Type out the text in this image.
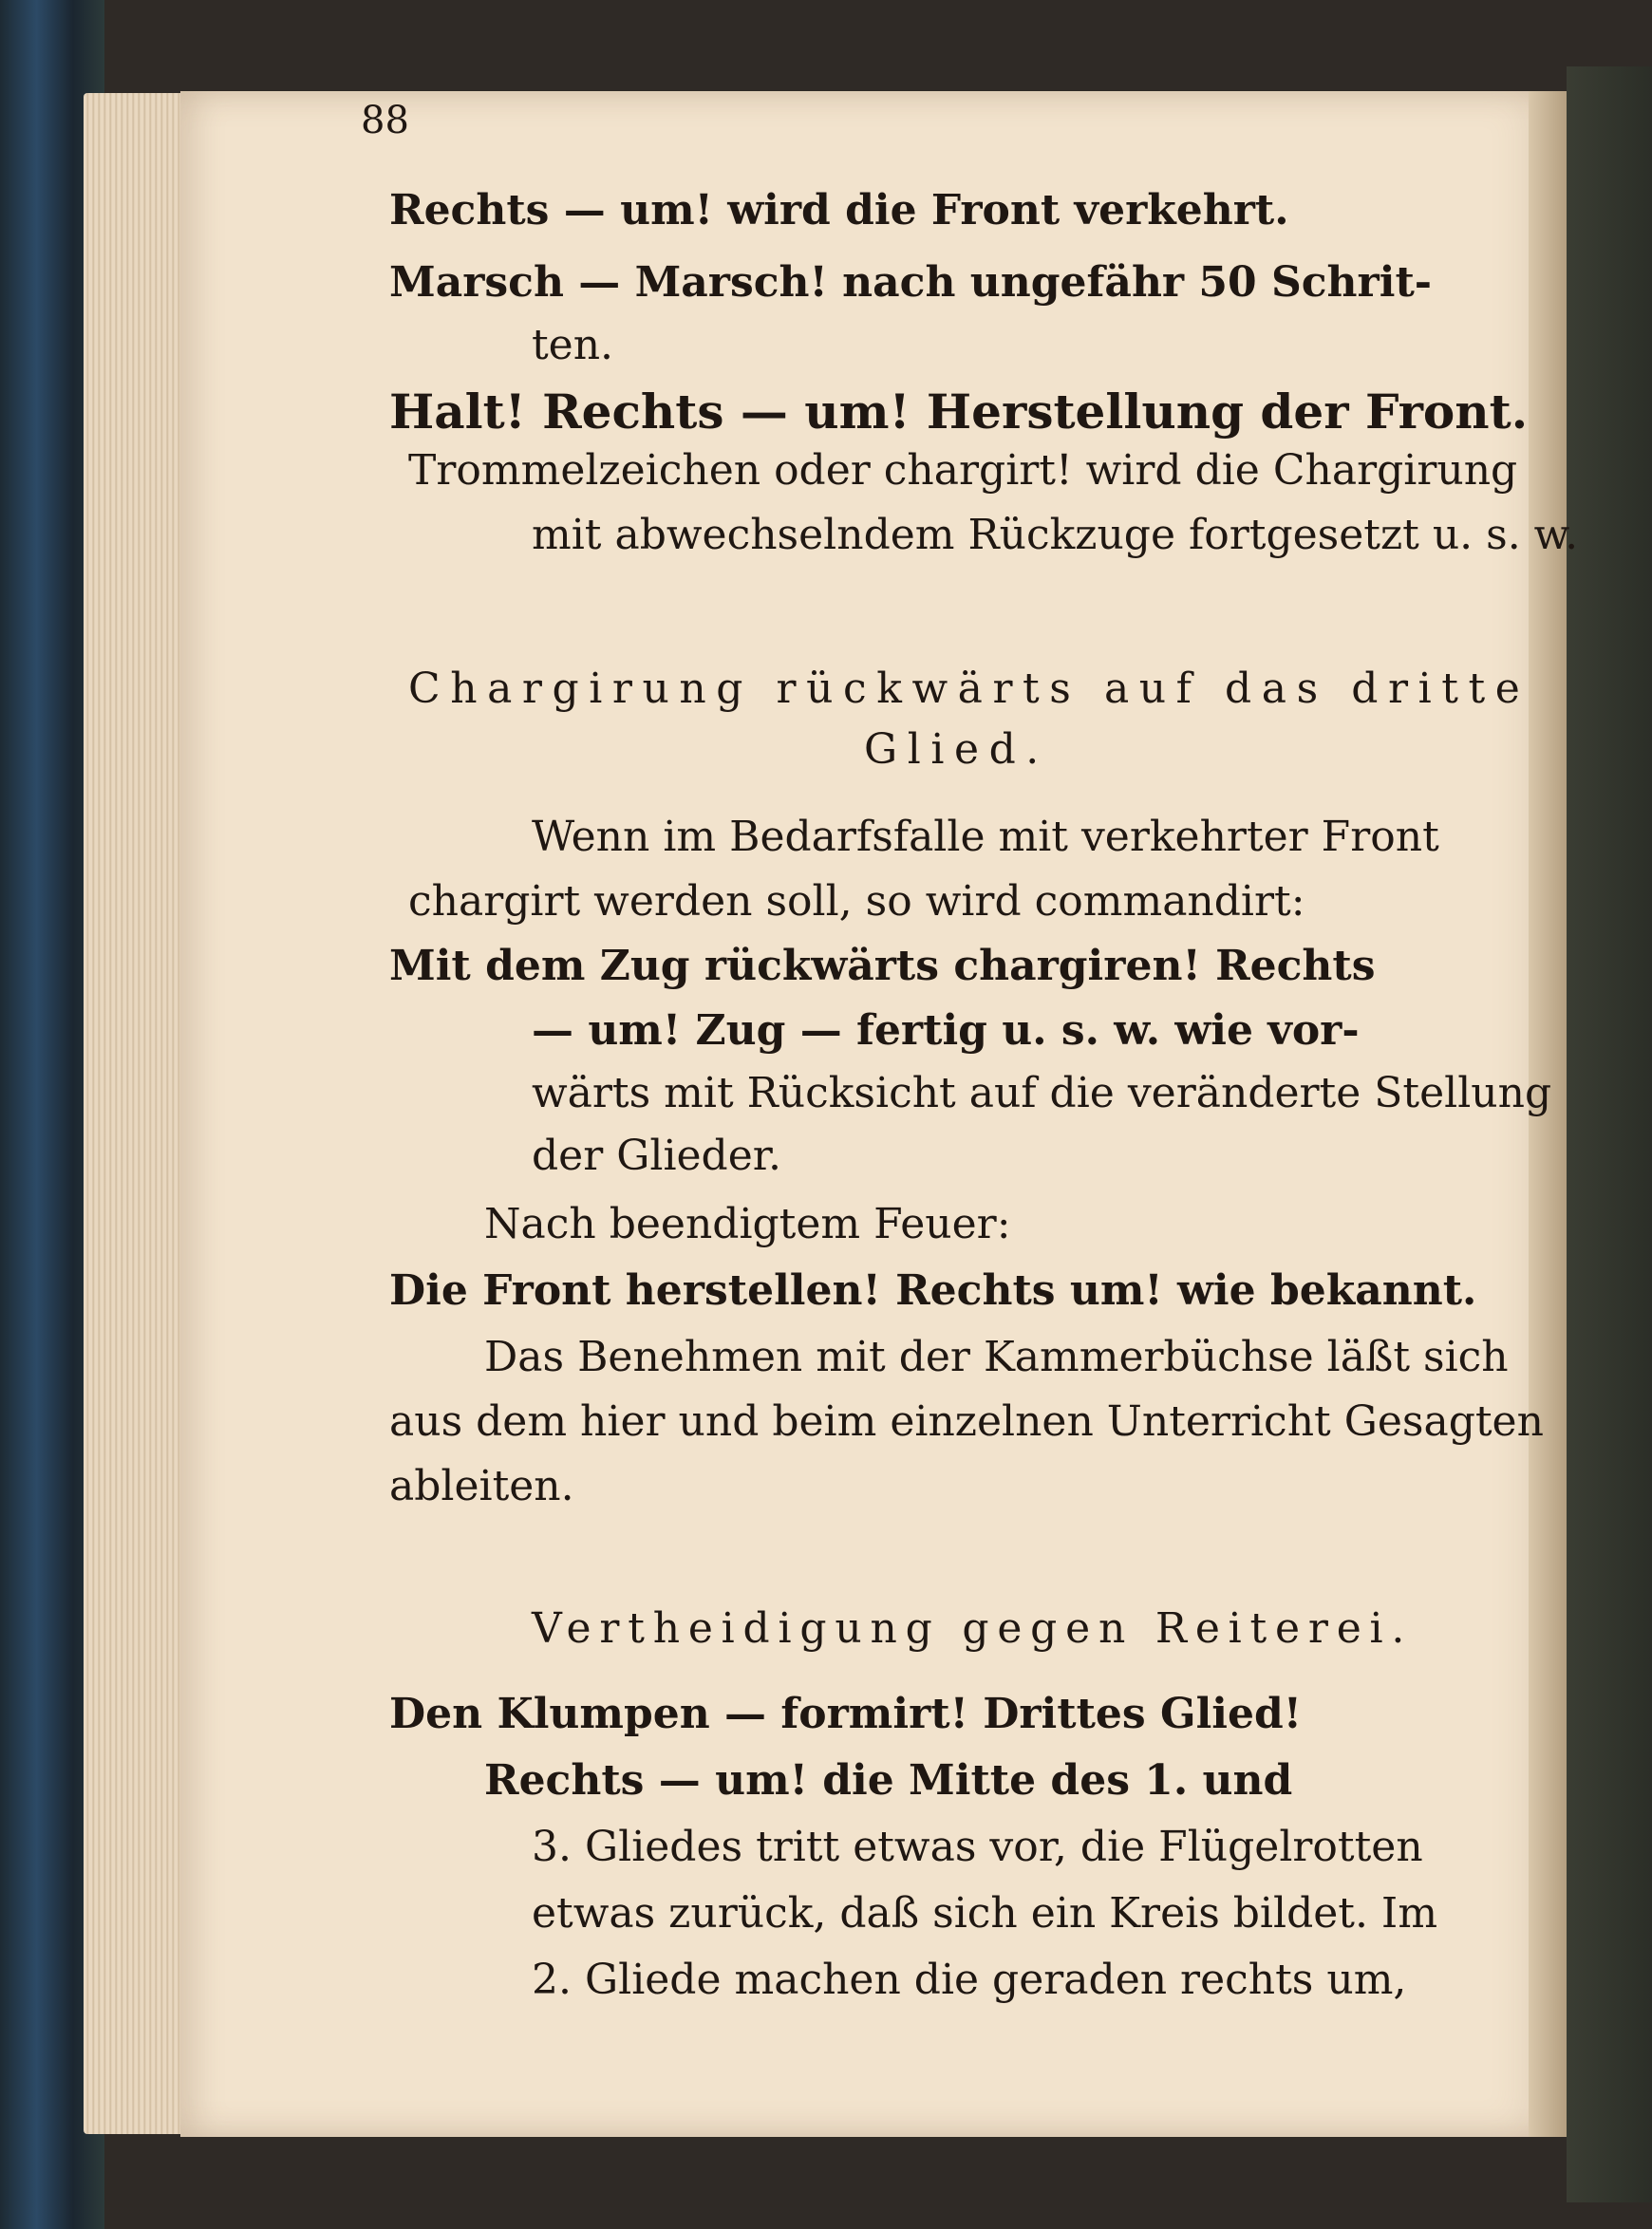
88
Rechts — um! wird die Front verkehrt.
Marsch — Marsch! nach ungefähr 50 Schrit-
ten.
Halt! Rechts — um! Herstellung der Front.
Trommelzeichen oder chargirt! wird die Chargirung
mit abwechselndem Rückzuge fortgesetzt u. s. w.
Chargirung rückwärts auf das dritte
Glied.
Wenn im Bedarfsfalle mit verkehrter Front
chargirt werden soll, so wird commandirt:
Mit dem Zug rückwärts chargiren! Rechts
— um! Zug — fertig u. s. w. wie vor-
wärts mit Rücksicht auf die veränderte Stellung
der Glieder.
Nach beendigtem Feuer:
Die Front herstellen! Rechts um! wie bekannt.
Das Benehmen mit der Kammerbüchse läßt sich
aus dem hier und beim einzelnen Unterricht Gesagten
ableiten.
Vertheidigung gegen Reiterei.
Den Klumpen — formirt! Drittes Glied!
Rechts — um! die Mitte des 1. und
3. Gliedes tritt etwas vor, die Flügelrotten
etwas zurück, daß sich ein Kreis bildet. Im
2. Gliede machen die geraden rechts um,
